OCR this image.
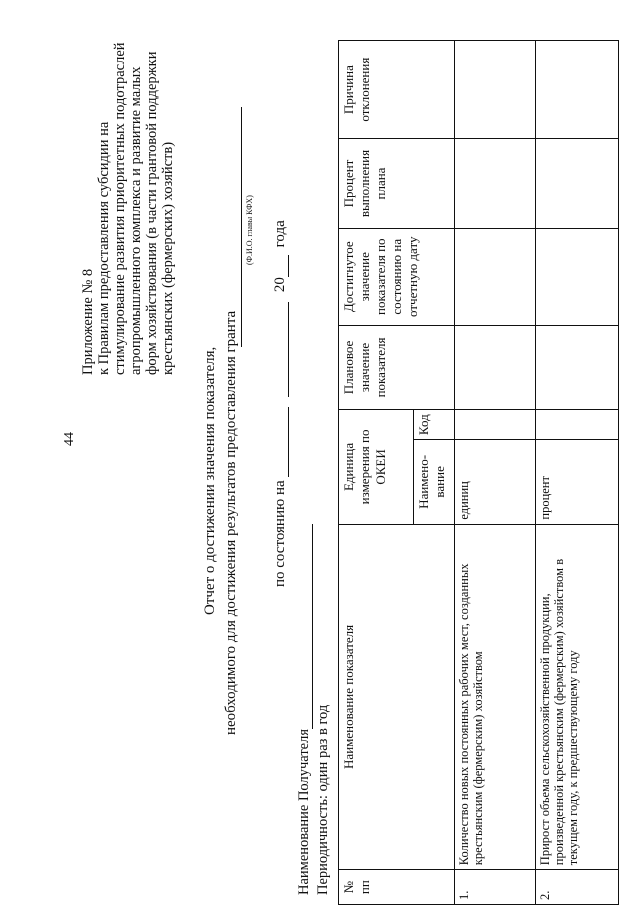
44
Приложение № 8 к Правилам предоставления субсидии на стимулирование развития приоритетных подотраслей агропромышленного комплекса и развитие малых форм хозяйствования (в части грантовой поддержки крестьянских (фермерских) хозяйств)
Отчет о достижении значения показателя, необходимого для достижения результатов предоставления гранта
(Ф.И.О. главы КФХ)
по состоянию на   20 года
Наименование Получателя Периодичность: один раз в год № пп	Наименование показателя	Единица измерения по ОКЕИ		Плановое значение показателя	Достигнутое значение показателя по состоянию на отчетную дату	Процент выполнения плана	Причина отклонения
		Наимено-вание	Код				
1.	Количество новых постоянных рабочих мест, созданных крестьянским (фермерским) хозяйством	единиц					
2.	Прирост объема сельскохозяйственной продукции, произведенной крестьянским (фермерским) хозяйством в текущем году, к предшествующему году	процент					
